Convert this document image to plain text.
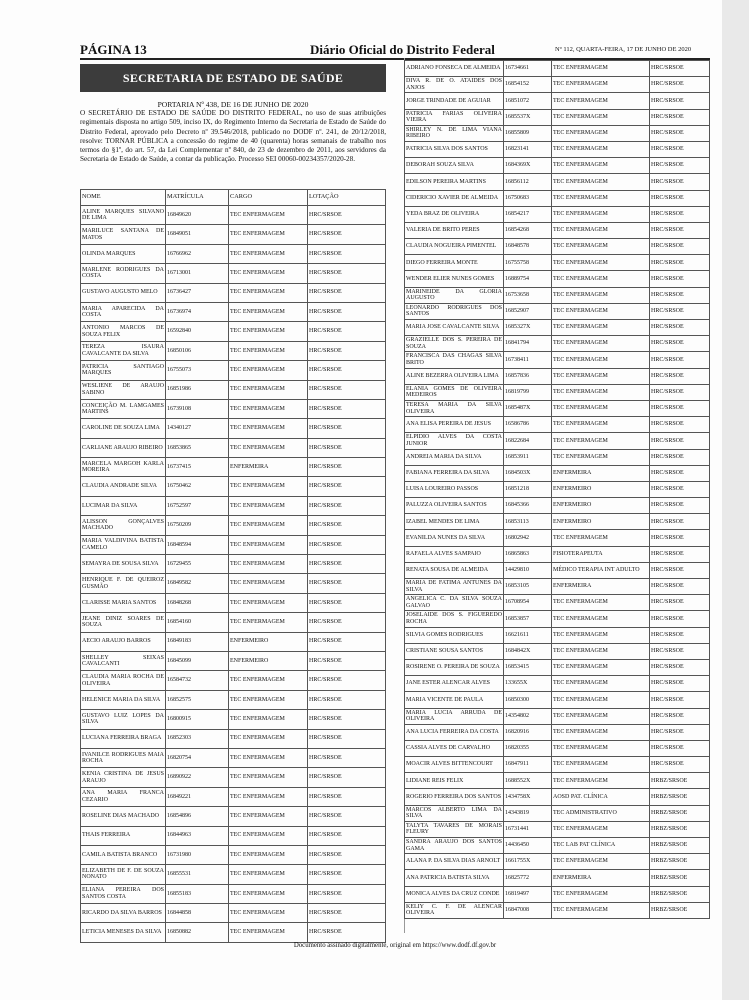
PÁGINA 13	Diário Oficial do Distrito Federal	Nº 112, QUARTA-FEIRA, 17 DE JUNHO DE 2020
SECRETARIA DE ESTADO DE SAÚDE
PORTARIA Nº 438, DE 16 DE JUNHO DE 2020
O SECRETÁRIO DE ESTADO DE SAÚDE DO DISTRITO FEDERAL, no uso de suas atribuições regimentais disposta no artigo 509, inciso IX, do Regimento Interno da Secretaria de Estado de Saúde do Distrito Federal, aprovado pelo Decreto nº 39.546/2018, publicado no DODF nº. 241, de 20/12/2018, resolve: TORNAR PÚBLICA a concessão do regime de 40 (quarenta) horas semanais de trabalho nos termos do §1º, do art. 57, da Lei Complementar nº 840, de 23 de dezembro de 2011, aos servidores da Secretaria de Estado de Saúde, a contar da publicação. Processo SEI 00060-00234357/2020-28.
NOME	MATRÍCULA	CARGO	LOTAÇÃO
ALINE MARQUES SILVANO DE LIMA	16849620	TEC ENFERMAGEM	HRC/SRSOE
MARILUCE SANTANA DE MATOS	16849051	TEC ENFERMAGEM	HRC/SRSOE
OLINDA MARQUES	16766962	TEC ENFERMAGEM	HRC/SRSOE
MARLENE RODRIGUES DA COSTA	16713001	TEC ENFERMAGEM	HRC/SRSOE
GUSTAVO AUGUSTO MELO	16736427	TEC ENFERMAGEM	HRC/SRSOE
MARIA APARECIDA DA COSTA	16736974	TEC ENFERMAGEM	HRC/SRSOE
ANTONIO MARCOS DE SOUZA FELIX	16592840	TEC ENFERMAGEM	HRC/SRSOE
TEREZA ISAURA CAVALCANTE DA SILVA	16850106	TEC ENFERMAGEM	HRC/SRSOE
PATRICIA SANTIAGO MARQUES	16755073	TEC ENFERMAGEM	HRC/SRSOE
WESLIENE DE ARAUJO SABINO	16851986	TEC ENFERMAGEM	HRC/SRSOE
CONCEIÇÃO M. LAMGAMES MARTINS	16739108	TEC ENFERMAGEM	HRC/SRSOE
CAROLINE DE SOUZA LIMA	14340127	TEC ENFERMAGEM	HRC/SRSOE
CARLIANE ARAUJO RIBEIRO	16853865	TEC ENFERMAGEM	HRC/SRSOE
MARCELA MARGOH KARLA MOREIRA	16737415	ENFERMEIRA	HRC/SRSOE
CLAUDIA ANDRADE SILVA	16750462	TEC ENFERMAGEM	HRC/SRSOE
LUCIMAR DA SILVA	16752597	TEC ENFERMAGEM	HRC/SRSOE
ALISSON GONÇALVES MACHADO	16750209	TEC ENFERMAGEM	HRC/SRSOE
MARIA VALDIVINA BATISTA CAMELO	16848594	TEC ENFERMAGEM	HRC/SRSOE
SEMAYRA DE SOUSA SILVA	16729455	TEC ENFERMAGEM	HRC/SRSOE
HENRIQUE F. DE QUEIROZ GUSMÃO	16849582	TEC ENFERMAGEM	HRC/SRSOE
CLARISSE MARIA SANTOS	16848268	TEC ENFERMAGEM	HRC/SRSOE
JEANE DINIZ SOARES DE SOUZA	16854160	TEC ENFERMAGEM	HRC/SRSOE
AECIO ARAUJO BARROS	16849183	ENFERMEIRO	HRC/SRSOE
SHELLEY SEIXAS CAVALCANTI	16845099	ENFERMEIRO	HRC/SRSOE
CLAUDIA MARIA ROCHA DE OLIVEIRA	16584732	TEC ENFERMAGEM	HRC/SRSOE
HELENICE MARIA DA SILVA	16852575	TEC ENFERMAGEM	HRC/SRSOE
GUSTAVO LUIZ LOPES DA SILVA	16800915	TEC ENFERMAGEM	HRC/SRSOE
LUCIANA FERREIRA BRAGA	16852303	TEC ENFERMAGEM	HRC/SRSOE
IVANILCE RODRIGUES MAIA ROCHA	16820754	TEC ENFERMAGEM	HRC/SRSOE
KENIA CRISTINA DE JESUS ARAUJO	16890922	TEC ENFERMAGEM	HRC/SRSOE
ANA MARIA FRANCA CEZARIO	16849221	TEC ENFERMAGEM	HRC/SRSOE
ROSELINE DIAS MACHADO	16854896	TEC ENFERMAGEM	HRC/SRSOE
THAIS FERREIRA	16844963	TEC ENFERMAGEM	HRC/SRSOE
CAMILA BATISTA BRANCO	16731980	TEC ENFERMAGEM	HRC/SRSOE
ELIZABETH DE F. DE SOUZA NONATO	16855531	TEC ENFERMAGEM	HRC/SRSOE
ELIANA PEREIRA DOS SANTOS COSTA	16855183	TEC ENFERMAGEM	HRC/SRSOE
RICARDO DA SILVA BARROS	16844858	TEC ENFERMAGEM	HRC/SRSOE
LETICIA MENESES DA SILVA	16850882	TEC ENFERMAGEM	HRC/SRSOE
ADRIANO FONSECA DE ALMEIDA	16734661	TEC ENFERMAGEM	HRC/SRSOE
DIVA R. DE O. ATAIDES DOS ANJOS	16854152	TEC ENFERMAGEM	HRC/SRSOE
JORGE TRINDADE DE AGUIAR	16851072	TEC ENFERMAGEM	HRC/SRSOE
PATRICIA FARIAS OLIVEIRA VIEIRA	1685537X	TEC ENFERMAGEM	HRC/SRSOE
SHIRLEY N. DE LIMA VIANA RIBEIRO	16855809	TEC ENFERMAGEM	HRC/SRSOE
PATRICIA SILVA DOS SANTOS	16823141	TEC ENFERMAGEM	HRC/SRSOE
DEBORAH SOUZA SILVA	1684369X	TEC ENFERMAGEM	HRC/SRSOE
EDILSON PEREIRA MARTINS	16856112	TEC ENFERMAGEM	HRC/SRSOE
CIDERICIO XAVIER DE ALMEIDA	16750683	TEC ENFERMAGEM	HRC/SRSOE
YEDA BRAZ DE OLIVEIRA	16854217	TEC ENFERMAGEM	HRC/SRSOE
VALERIA DE BRITO PERES	16854268	TEC ENFERMAGEM	HRC/SRSOE
CLAUDIA NOGUEIRA PIMENTEL	16848578	TEC ENFERMAGEM	HRC/SRSOE
DIEGO FERREIRA MONTE	16755758	TEC ENFERMAGEM	HRC/SRSOE
WENDER ELIER NUNES GOMES	16889754	TEC ENFERMAGEM	HRC/SRSOE
MARINEIDE DA GLORIA AUGUSTO	16753658	TEC ENFERMAGEM	HRC/SRSOE
LEONARDO RODRIGUES DOS SANTOS	16852907	TEC ENFERMAGEM	HRC/SRSOE
MARIA JOSE CAVALCANTE SILVA	1685327X	TEC ENFERMAGEM	HRC/SRSOE
GRAZIELLE DOS S. PEREIRA DE SOUZA	16841794	TEC ENFERMAGEM	HRC/SRSOE
FRANCISCA DAS CHAGAS SILVA BRITO	16738411	TEC ENFERMAGEM	HRC/SRSOE
ALINE BEZERRA OLIVEIRA LIMA	16857836	TEC ENFERMAGEM	HRC/SRSOE
ELANIA GOMES DE OLIVEIRA MEDEIROS	16819799	TEC ENFERMAGEM	HRC/SRSOE
TERESA MARIA DA SILVA OLIVEIRA	1685487X	TEC ENFERMAGEM	HRC/SRSOE
ANA ELISA PEREIRA DE JESUS	16586786	TEC ENFERMAGEM	HRC/SRSOE
ELPIDIO ALVES DA COSTA JUNIOR	16822684	TEC ENFERMAGEM	HRC/SRSOE
ANDREIA MARIA DA SILVA	16853911	TEC ENFERMAGEM	HRC/SRSOE
FABIANA FERREIRA DA SILVA	1684503X	ENFERMEIRA	HRC/SRSOE
LUISA LOUREIRO PASSOS	16851218	ENFERMEIRO	HRC/SRSOE
PALUZZA OLIVEIRA SANTOS	16845366	ENFERMEIRO	HRC/SRSOE
IZABEL MENDES DE LIMA	16853113	ENFERMEIRO	HRC/SRSOE
EVANILDA NUNES DA SILVA	16802942	TEC ENFERMAGEM	HRC/SRSOE
RAFAELA ALVES SAMPAIO	16865863	FISIOTERAPEUTA	HRC/SRSOE
RENATA SOUSA DE ALMEIDA	14429810	MÉDICO TERAPIA INT ADULTO	HRC/SRSOE
MARIA DE FATIMA ANTUNES DA SILVA	16853105	ENFERMEIRA	HRC/SRSOE
ANGELICA C. DA SILVA SOUZA GALVAO	16708954	TEC ENFERMAGEM	HRC/SRSOE
JOSELAIDE DOS S. FIGUEREDO ROCHA	16853857	TEC ENFERMAGEM	HRC/SRSOE
SILVIA GOMES RODRIGUES	16621611	TEC ENFERMAGEM	HRC/SRSOE
CRISTIANE SOUSA SANTOS	1684842X	TEC ENFERMAGEM	HRC/SRSOE
ROSIRENE O. PEREIRA DE SOUZA	16853415	TEC ENFERMAGEM	HRC/SRSOE
JANE ESTER ALENCAR ALVES	133655X	TEC ENFERMAGEM	HRC/SRSOE
MARIA VICENTE DE PAULA	16850300	TEC ENFERMAGEM	HRC/SRSOE
MARIA LUCIA ARRUDA DE OLIVEIRA	14354802	TEC ENFERMAGEM	HRC/SRSOE
ANA LUCIA FERREIRA DA COSTA	16820916	TEC ENFERMAGEM	HRC/SRSOE
CASSIA ALVES DE CARVALHO	16820355	TEC ENFERMAGEM	HRC/SRSOE
MOACIR ALVES BITTENCOURT	16847911	TEC ENFERMAGEM	HRC/SRSOE
LIDIANE REIS FELIX	1688552X	TEC ENFERMAGEM	HRBZ/SRSOE
ROGERIO FERREIRA DOS SANTOS	1434758X	AOSD PAT. CLÍNICA	HRBZ/SRSOE
MARCOS ALBERTO LIMA DA SILVA	14343819	TEC ADMINISTRATIVO	HRBZ/SRSOE
TALYTA TAVARES DE MORAIS FLEURY	16731441	TEC ENFERMAGEM	HRBZ/SRSOE
SANDRA ARAUJO DOS SANTOS GAMA	14436450	TEC LAB PAT CLÍNICA	HRBZ/SRSOE
ALANA P. DA SILVA DIAS ARNOLT	1661755X	TEC ENFERMAGEM	HRBZ/SRSOE
ANA PATRICIA BATISTA SILVA	16825772	ENFERMEIRA	HRBZ/SRSOE
MONICA ALVES DA CRUZ CONDE	16819497	TEC ENFERMAGEM	HRBZ/SRSOE
KELIY C. F. DE ALENCAR OLIVEIRA	16847008	TEC ENFERMAGEM	HRBZ/SRSOE
Documento assinado digitalmente, original em https://www.dodf.df.gov.br
